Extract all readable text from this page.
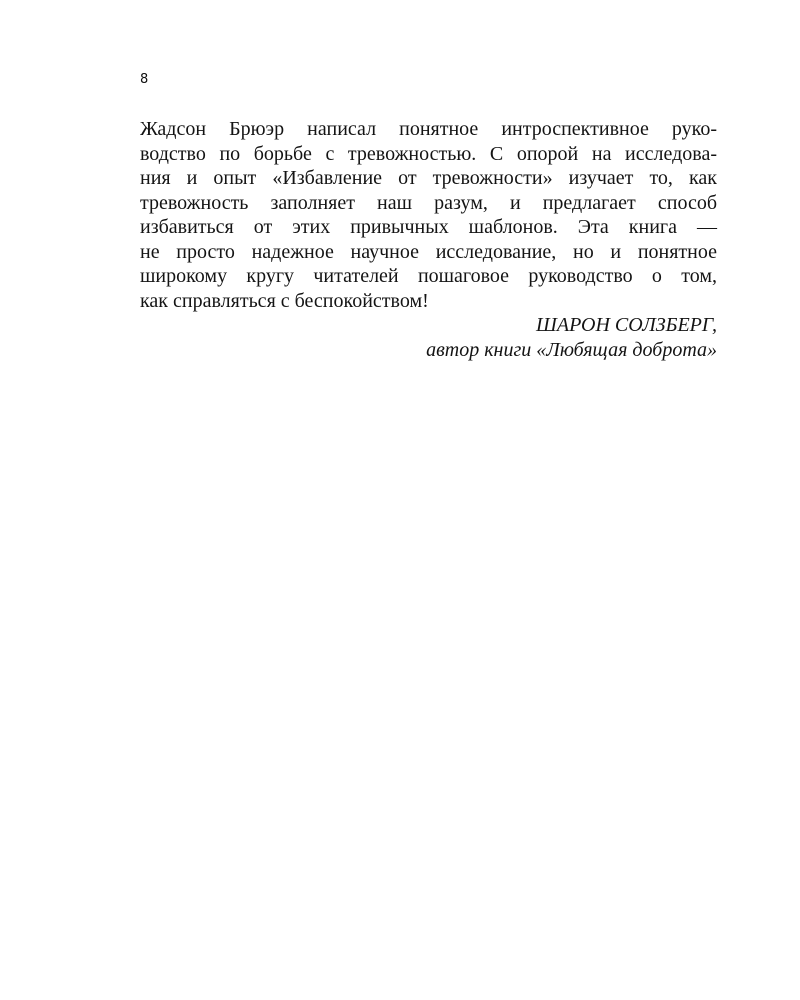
8
Жадсон Брюэр написал понятное интроспективное руко-
водство по борьбе с тревожностью. С опорой на исследова-
ния и опыт «Избавление от тревожности» изучает то, как
тревожность заполняет наш разум, и предлагает способ
избавиться от этих привычных шаблонов. Эта книга —
не просто надежное научное исследование, но и понятное
широкому кругу читателей пошаговое руководство о том,
как справляться с беспокойством!
ШАРОН СОЛЗБЕРГ,
автор книги «Любящая доброта»
